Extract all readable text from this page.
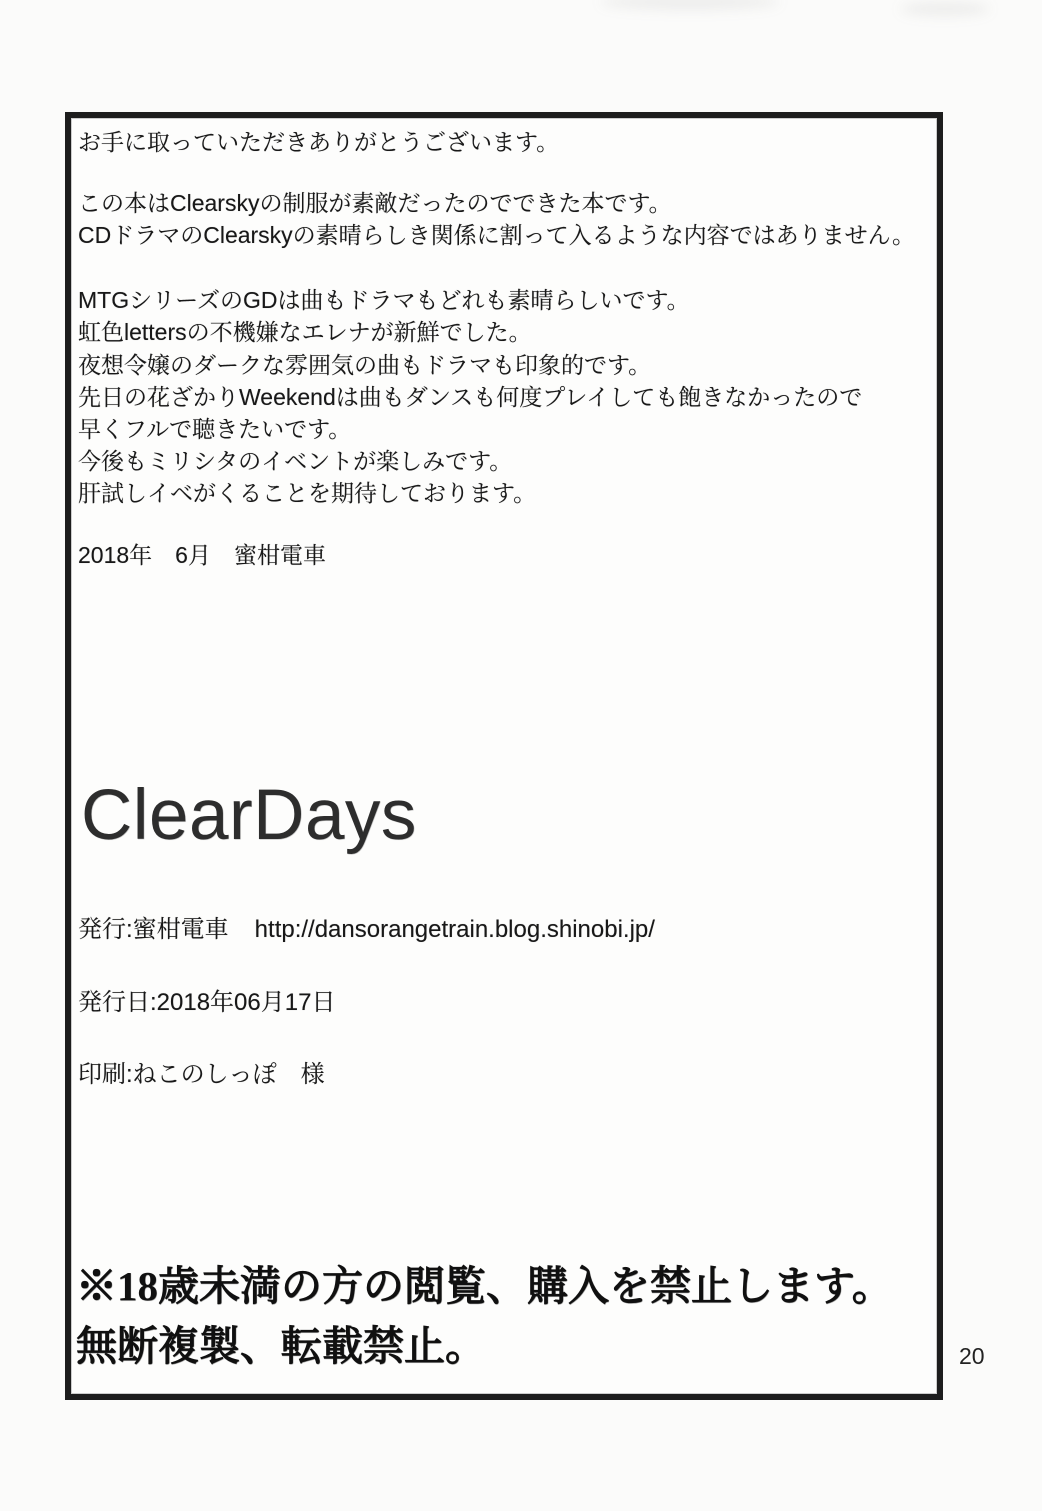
お手に取っていただきありがとうございます。
この本はClearskyの制服が素敵だったのでできた本です。
CDドラマのClearskyの素晴らしき関係に割って入るような内容ではありません。
MTGシリーズのGDは曲もドラマもどれも素晴らしいです。
虹色lettersの不機嫌なエレナが新鮮でした。
夜想令嬢のダークな雰囲気の曲もドラマも印象的です。
先日の花ざかりWeekendは曲もダンスも何度プレイしても飽きなかったので
早くフルで聴きたいです。
今後もミリシタのイベントが楽しみです。
肝試しイベがくることを期待しております。
2018年　6月　蜜柑電車
ClearDays
発行:蜜柑電車 http://dansorangetrain.blog.shinobi.jp/
発行日:2018年06月17日
印刷:ねこのしっぽ　様
※18歳未満の方の閲覧、購入を禁止します。
無断複製、転載禁止。	20
